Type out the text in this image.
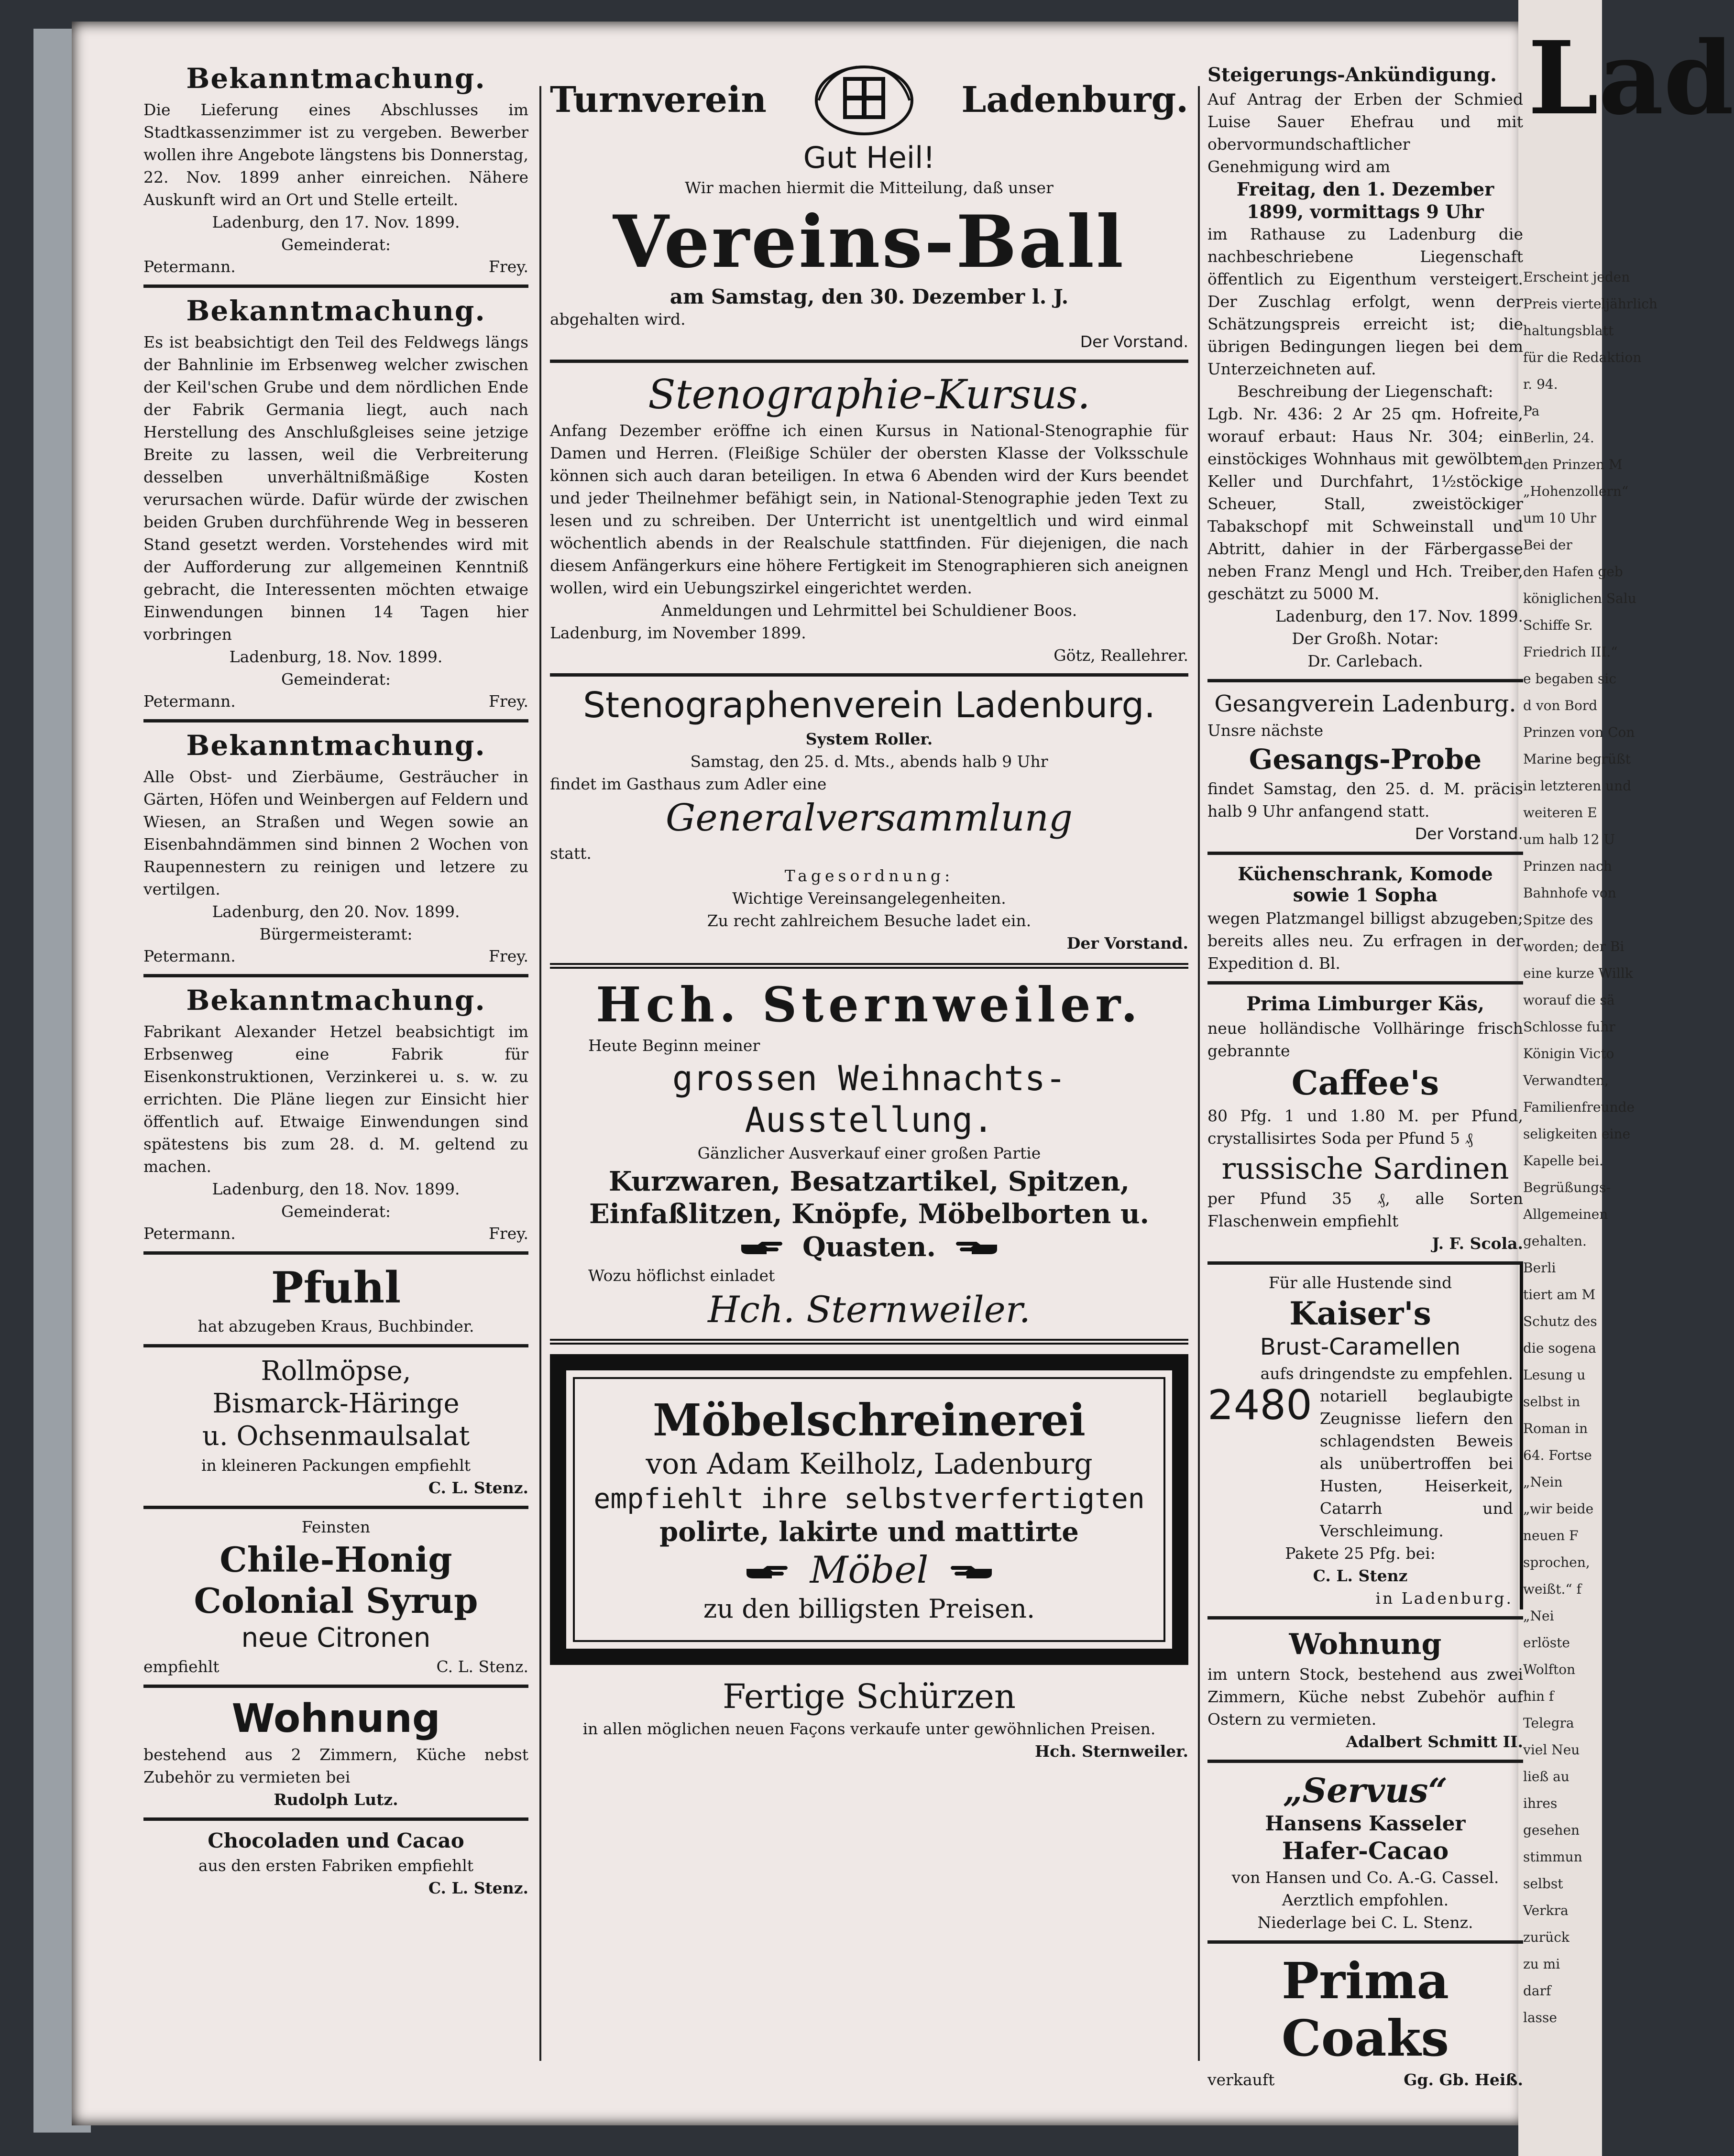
Lad
Erscheint jeden
Preis vierteljährlich
haltungsblatt
für die Redaktion
r. 94.
Pa
Berlin, 24.
den Prinzen M
„Hohenzollern“
um 10 Uhr
Bei der
den Hafen geb
königlichen Salu
Schiffe Sr.
Friedrich III.“
e begaben sic
d von Bord
Prinzen von Con
Marine begrüßt
in letzteren und
weiteren E
um halb 12 U
Prinzen nach
Bahnhofe von
Spitze des
worden; der Bi
eine kurze Willk
worauf die sä
Schlosse fuhr
Königin Victo
Verwandten,
Familienfreunde
seligkeiten eine
Kapelle bei.
Begrüßungs-
Allgemeinen
gehalten.
Berli
tiert am M
Schutz des
die sogena
Lesung u
selbst in
Roman in
64. Fortse
„Nein
„wir beide
neuen F
sprochen,
weißt.“ f
„Nei
erlöste
Wolfton
hin f
Telegra
viel Neu
ließ au
ihres
gesehen
stimmun
selbst
Verkra
zurück
zu mi
darf
lasse
Bekanntmachung.

Die Lieferung eines Abschlusses im Stadtkassenzimmer ist zu vergeben. Bewerber wollen ihre Angebote längstens bis Donnerstag, 22. Nov. 1899 anher einreichen. Nähere Auskunft wird an Ort und Stelle erteilt.

Ladenburg, den 17. Nov. 1899.

Gemeinderat:

Petermann.	Frey.
Bekanntmachung.

Es ist beabsichtigt den Teil des Feldwegs längs der Bahnlinie im Erbsenweg welcher zwischen der Keil'schen Grube und dem nördlichen Ende der Fabrik Germania liegt, auch nach Herstellung des Anschlußgleises seine jetzige Breite zu lassen, weil die Verbreiterung desselben unverhältnißmäßige Kosten verursachen würde. Dafür würde der zwischen beiden Gruben durchführende Weg in besseren Stand gesetzt werden. Vorstehendes wird mit der Aufforderung zur allgemeinen Kenntniß gebracht, die Interessenten möchten etwaige Einwendungen binnen 14 Tagen hier vorbringen

Ladenburg, 18. Nov. 1899.

Gemeinderat:

Petermann.	Frey.
Bekanntmachung.

Alle Obst- und Zierbäume, Gesträucher in Gärten, Höfen und Weinbergen auf Feldern und Wiesen, an Straßen und Wegen sowie an Eisenbahndämmen sind binnen 2 Wochen von Raupennestern zu reinigen und letzere zu vertilgen.

Ladenburg, den 20. Nov. 1899.

Bürgermeisteramt:

Petermann.	Frey.
Bekanntmachung.

Fabrikant Alexander Hetzel beabsichtigt im Erbsenweg eine Fabrik für Eisenkonstruktionen, Verzinkerei u. s. w. zu errichten. Die Pläne liegen zur Einsicht hier öffentlich auf. Etwaige Einwendungen sind spätestens bis zum 28. d. M. geltend zu machen.

Ladenburg, den 18. Nov. 1899.

Gemeinderat:

Petermann.	Frey.
Pfuhl

hat abzugeben Kraus, Buchbinder.

Rollmöpse,
Bismarck-Häringe
u. Ochsenmaulsalat

in kleineren Packungen empfiehlt

C. L. Stenz.

Feinsten

Chile-Honig
Colonial Syrup
neue Citronen
empfiehlt	C. L. Stenz.
Wohnung

bestehend aus 2 Zimmern, Küche nebst Zubehör zu vermieten bei

Rudolph Lutz.

Chocoladen und Cacao

aus den ersten Fabriken empfiehlt

C. L. Stenz.

Turnverein	Ladenburg.
Gut Heil!

Wir machen hiermit die Mitteilung, daß unser

Vereins-Ball

am Samstag, den 30. Dezember l. J.

abgehalten wird.

Der Vorstand.

Stenographie-Kursus.

Anfang Dezember eröffne ich einen Kursus in National-Stenographie für Damen und Herren. (Fleißige Schüler der obersten Klasse der Volksschule können sich auch daran beteiligen. In etwa 6 Abenden wird der Kurs beendet und jeder Theilnehmer befähigt sein, in National-Stenographie jeden Text zu lesen und zu schreiben. Der Unterricht ist unentgeltlich und wird einmal wöchentlich abends in der Realschule stattfinden. Für diejenigen, die nach diesem Anfängerkurs eine höhere Fertigkeit im Stenographieren sich aneignen wollen, wird ein Uebungszirkel eingerichtet werden.

Anmeldungen und Lehrmittel bei Schuldiener Boos.

Ladenburg, im November 1899.

Götz, Reallehrer.

Stenographenverein Ladenburg.

System Roller.

Samstag, den 25. d. Mts., abends halb 9 Uhr

findet im Gasthaus zum Adler eine

Generalversammlung

statt.

Tagesordnung:

Wichtige Vereinsangelegenheiten.

Zu recht zahlreichem Besuche ladet ein.

Der Vorstand.

Hch. Sternweiler.

Heute Beginn meiner

grossen Weihnachts-
Ausstellung.

Gänzlicher Ausverkauf einer großen Partie

Kurzwaren, Besatzartikel, Spitzen,
Einfaßlitzen, Knöpfe, Möbelborten u.
Quasten.

Wozu höflichst einladet

Hch. Sternweiler.
Möbelschreinerei
von Adam Keilholz, Ladenburg
empfiehlt ihre selbstverfertigten
polirte, lakirte und mattirte
Möbel
zu den billigsten Preisen.
Fertige Schürzen

in allen möglichen neuen Façons verkaufe unter gewöhnlichen Preisen.

Hch. Sternweiler.

Steigerungs-Ankündigung.

Auf Antrag der Erben der Schmied Luise Sauer Ehefrau und mit obervormundschaftlicher Genehmigung wird am

Freitag, den 1. Dezember 1899, vormittags 9 Uhr

im Rathause zu Ladenburg die nachbeschriebene Liegenschaft öffentlich zu Eigenthum versteigert. Der Zuschlag erfolgt, wenn der Schätzungspreis erreicht ist; die übrigen Bedingungen liegen bei dem Unterzeichneten auf.

Beschreibung der Liegenschaft:

Lgb. Nr. 436: 2 Ar 25 qm. Hofreite, worauf erbaut: Haus Nr. 304; ein einstöckiges Wohnhaus mit gewölbtem Keller und Durchfahrt, 1½stöckige Scheuer, Stall, zweistöckiger Tabakschopf mit Schweinstall und Abtritt, dahier in der Färbergasse neben Franz Mengl und Hch. Treiber, geschätzt zu 5000 M.

Ladenburg, den 17. Nov. 1899.

Der Großh. Notar:

Dr. Carlebach.

Gesangverein Ladenburg.

Unsre nächste

Gesangs-Probe

findet Samstag, den 25. d. M. präcis halb 9 Uhr anfangend statt.

Der Vorstand.

Küchenschrank, Komode sowie 1 Sopha

wegen Platzmangel billigst abzugeben; bereits alles neu. Zu erfragen in der Expedition d. Bl.

Prima Limburger Käs,

neue holländische Vollhäringe frisch gebrannte

Caffee's

80 Pfg. 1 und 1.80 M. per Pfund, crystallisirtes Soda per Pfund 5 ₰

russische Sardinen

per Pfund 35 ₰, alle Sorten Flaschenwein empfiehlt

J. F. Scola.

Für alle Hustende sind

Kaiser's
Brust-Caramellen

aufs dringendste zu empfehlen.

2480 notariell beglaubigte Zeugnisse liefern den schlagendsten Beweis als unübertroffen bei Husten, Heiserkeit, Catarrh und Verschleimung.

Pakete 25 Pfg. bei:

C. L. Stenz

in Ladenburg.

Wohnung

im untern Stock, bestehend aus zwei Zimmern, Küche nebst Zubehör auf Ostern zu vermieten.

Adalbert Schmitt II.

„Servus“
Hansens Kasseler
Hafer-Cacao

von Hansen und Co. A.-G. Cassel.

Aerztlich empfohlen.

Niederlage bei C. L. Stenz.

Prima Coaks
verkauft	Gg. Gb. Heiß.
